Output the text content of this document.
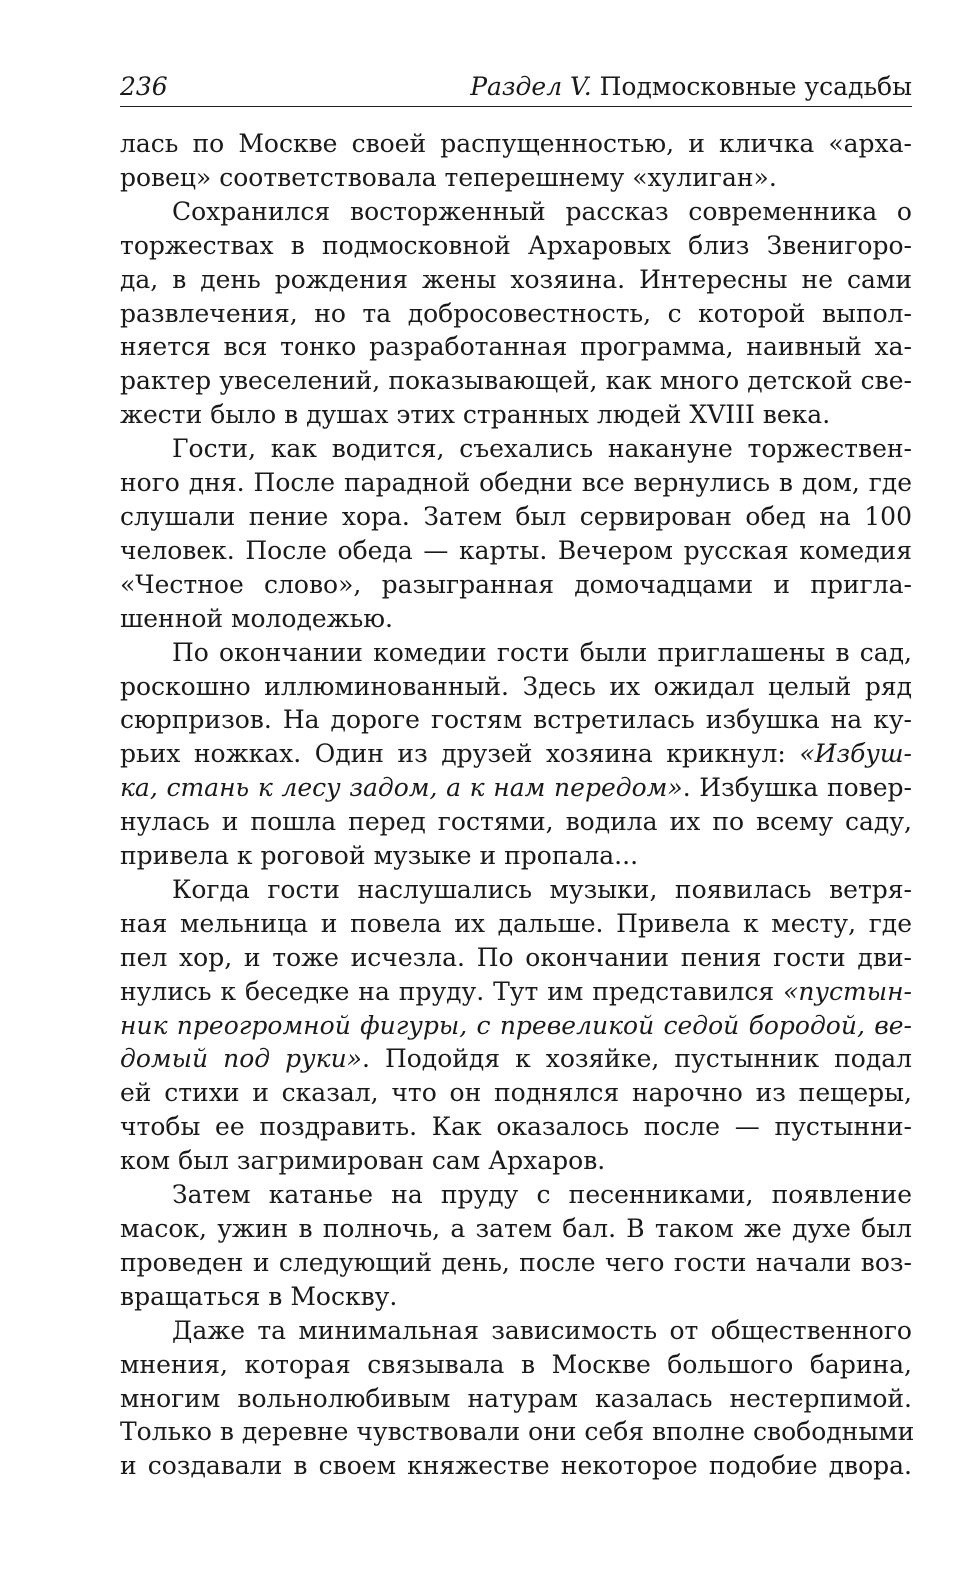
236	Раздел V. Подмосковные усадьбы
лась по Москве своей распущенностью, и кличка «арха-
ровец» соответствовала теперешнему «хулиган».
Сохранился восторженный рассказ современника о
торжествах в подмосковной Архаровых близ Звенигоро-
да, в день рождения жены хозяина. Интересны не сами
развлечения, но та добросовестность, с которой выпол-
няется вся тонко разработанная программа, наивный ха-
рактер увеселений, показывающей, как много детской све-
жести было в душах этих странных людей XVIII века.
Гости, как водится, съехались накануне торжествен-
ного дня. После парадной обедни все вернулись в дом, где
слушали пение хора. Затем был сервирован обед на 100
человек. После обеда — карты. Вечером русская комедия
«Честное слово», разыгранная домочадцами и пригла-
шенной молодежью.
По окончании комедии гости были приглашены в сад,
роскошно иллюминованный. Здесь их ожидал целый ряд
сюрпризов. На дороге гостям встретилась избушка на ку-
рьих ножках. Один из друзей хозяина крикнул: «Избуш-
ка, стань к лесу задом, а к нам передом». Избушка повер-
нулась и пошла перед гостями, водила их по всему саду,
привела к роговой музыке и пропала...
Когда гости наслушались музыки, появилась ветря-
ная мельница и повела их дальше. Привела к месту, где
пел хор, и тоже исчезла. По окончании пения гости дви-
нулись к беседке на пруду. Тут им представился «пустын-
ник преогромной фигуры, с превеликой седой бородой, ве-
домый под руки». Подойдя к хозяйке, пустынник подал
ей стихи и сказал, что он поднялся нарочно из пещеры,
чтобы ее поздравить. Как оказалось после — пустынни-
ком был загримирован сам Архаров.
Затем катанье на пруду с песенниками, появление
масок, ужин в полночь, а затем бал. В таком же духе был
проведен и следующий день, после чего гости начали воз-
вращаться в Москву.
Даже та минимальная зависимость от общественного
мнения, которая связывала в Москве большого барина,
многим вольнолюбивым натурам казалась нестерпимой.
Только в деревне чувствовали они себя вполне свободными
и создавали в своем княжестве некоторое подобие двора.
